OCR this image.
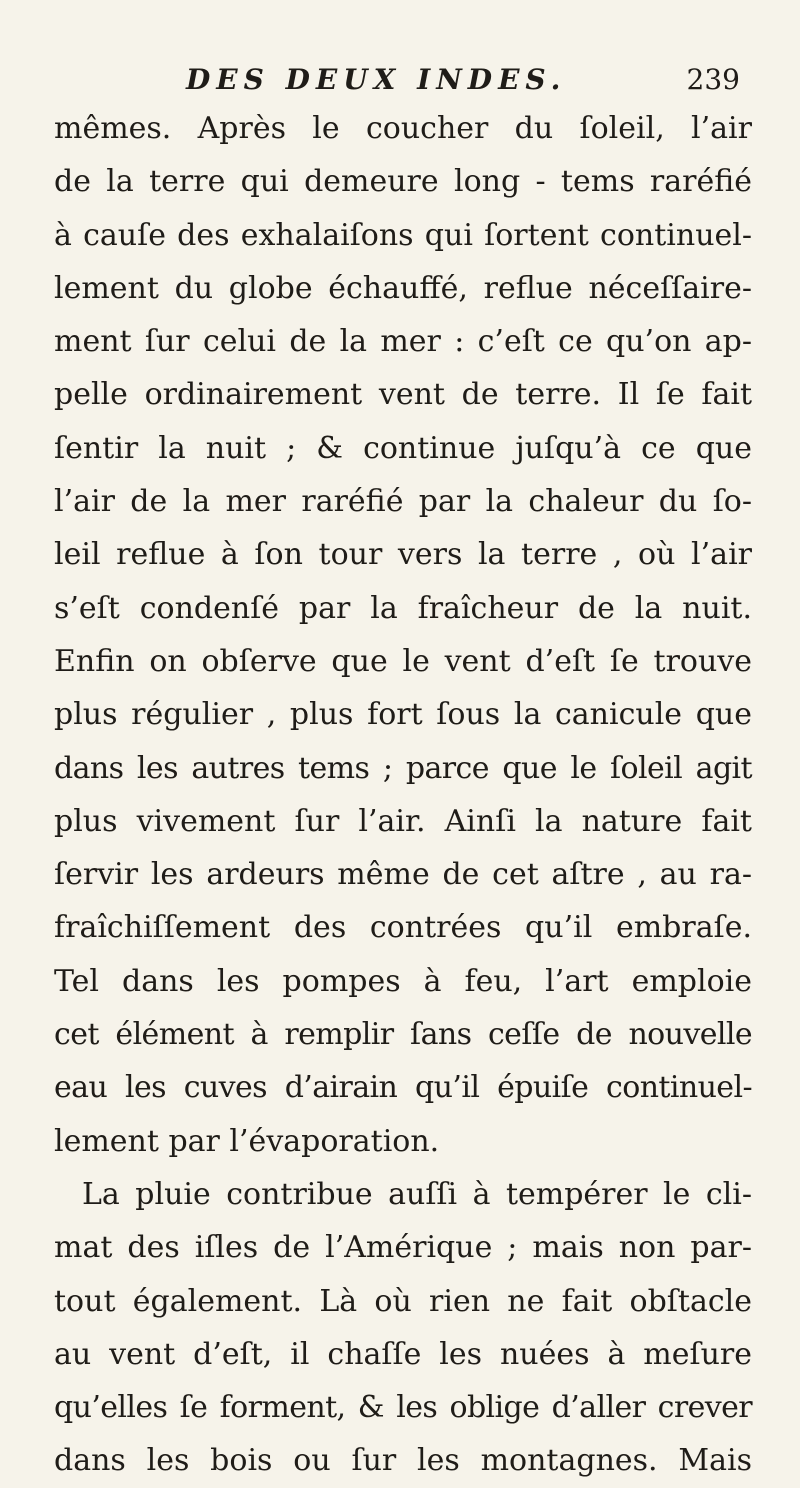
DES DEUX INDES.	239
mêmes. Après le coucher du ſoleil, l’air
de la terre qui demeure long - tems raréfié
à cauſe des exhalaiſons qui ſortent continuel-
lement du globe échauffé, reflue néceſſaire-
ment ſur celui de la mer : c’eſt ce qu’on ap-
pelle ordinairement vent de terre. Il ſe fait
ſentir la nuit ; & continue juſqu’à ce que
l’air de la mer raréfié par la chaleur du ſo-
leil reflue à ſon tour vers la terre , où l’air
s’eſt condenſé par la fraîcheur de la nuit.
Enfin on obſerve que le vent d’eſt ſe trouve
plus régulier , plus fort ſous la canicule que
dans les autres tems ; parce que le ſoleil agit
plus vivement ſur l’air. Ainſi la nature fait
ſervir les ardeurs même de cet aſtre , au ra-
fraîchiſſement des contrées qu’il embraſe.
Tel dans les pompes à feu, l’art emploie
cet élément à remplir ſans ceſſe de nouvelle
eau les cuves d’airain qu’il épuiſe continuel-
lement par l’évaporation.
La pluie contribue auſſi à tempérer le cli-
mat des iſles de l’Amérique ; mais non par-
tout également. Là où rien ne fait obſtacle
au vent d’eſt, il chaſſe les nuées à meſure
qu’elles ſe forment, & les oblige d’aller crever
dans les bois ou ſur les montagnes. Mais
